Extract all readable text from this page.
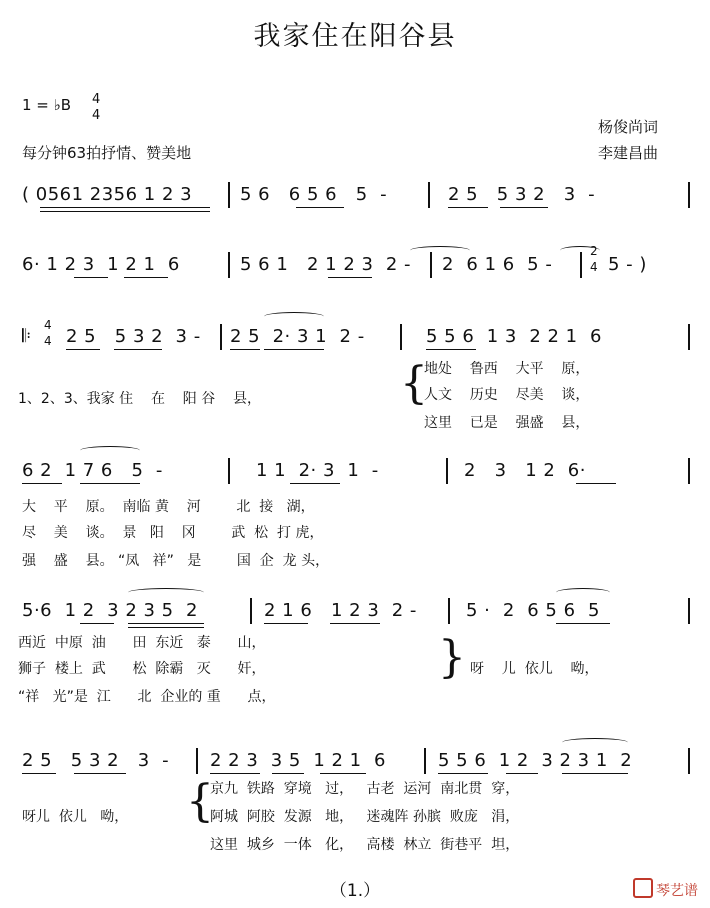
我家住在阳谷县
1 = ♭B 4
4
每分钟63拍抒情、赞美地
杨俊尚词
李建昌曲
( 0561 2356 1 2 3	5 6   6 5 6   5  -	2 5   5 3 2   3  -
6· 1 2 3  1 2 1  6	5 6 1   2 1 2 3  2 - 2  6 1 6  5 -
2
4 5 - )
𝄆
4
4 2 5   5 3 2  3 - 2 5  2· 3 1  2 -	5 5 6  1 3  2 2 1  6
1、2、3、我家 住    在    阳 谷    县，	{
地处    鲁西    大平    原，
人文    历史    尽美    谈，
这里    已是    强盛    县，
6 2  1 7 6   5  -	1 1  2· 3  1  -	2   3   1 2  6·
大    平    原。  南临 黄    河        北  接   湖，
尽    美    谈。  景   阳    冈        武  松  打 虎，
强    盛    县。 “凤   祥”   是        国  企  龙 头，
5·6  1 2  3 2 3 5  2	2 1 6   1 2 3  2 -	5 ·  2  6 5 6  5
西近  中原  油      田  东近   泰      山，
狮子  楼上  武      松  除霸   灭      奸，
“祥   光”是  江      北  企业的 重      点，
{ 呀    儿  依儿    呦，
2 5   5 3 2   3  - 2 2 3  3 5  1 2 1  6	5 5 6  1 2  3 2 3 1  2
呀儿  依儿   呦， {
京九  铁路  穿境   过，   古老  运河  南北贯  穿，
阿城  阿胶  发源   地，   迷魂阵 孙膑  败庞   涓，
这里  城乡  一体   化，   高楼  林立  街巷平  坦，
（1.）	琴艺谱
